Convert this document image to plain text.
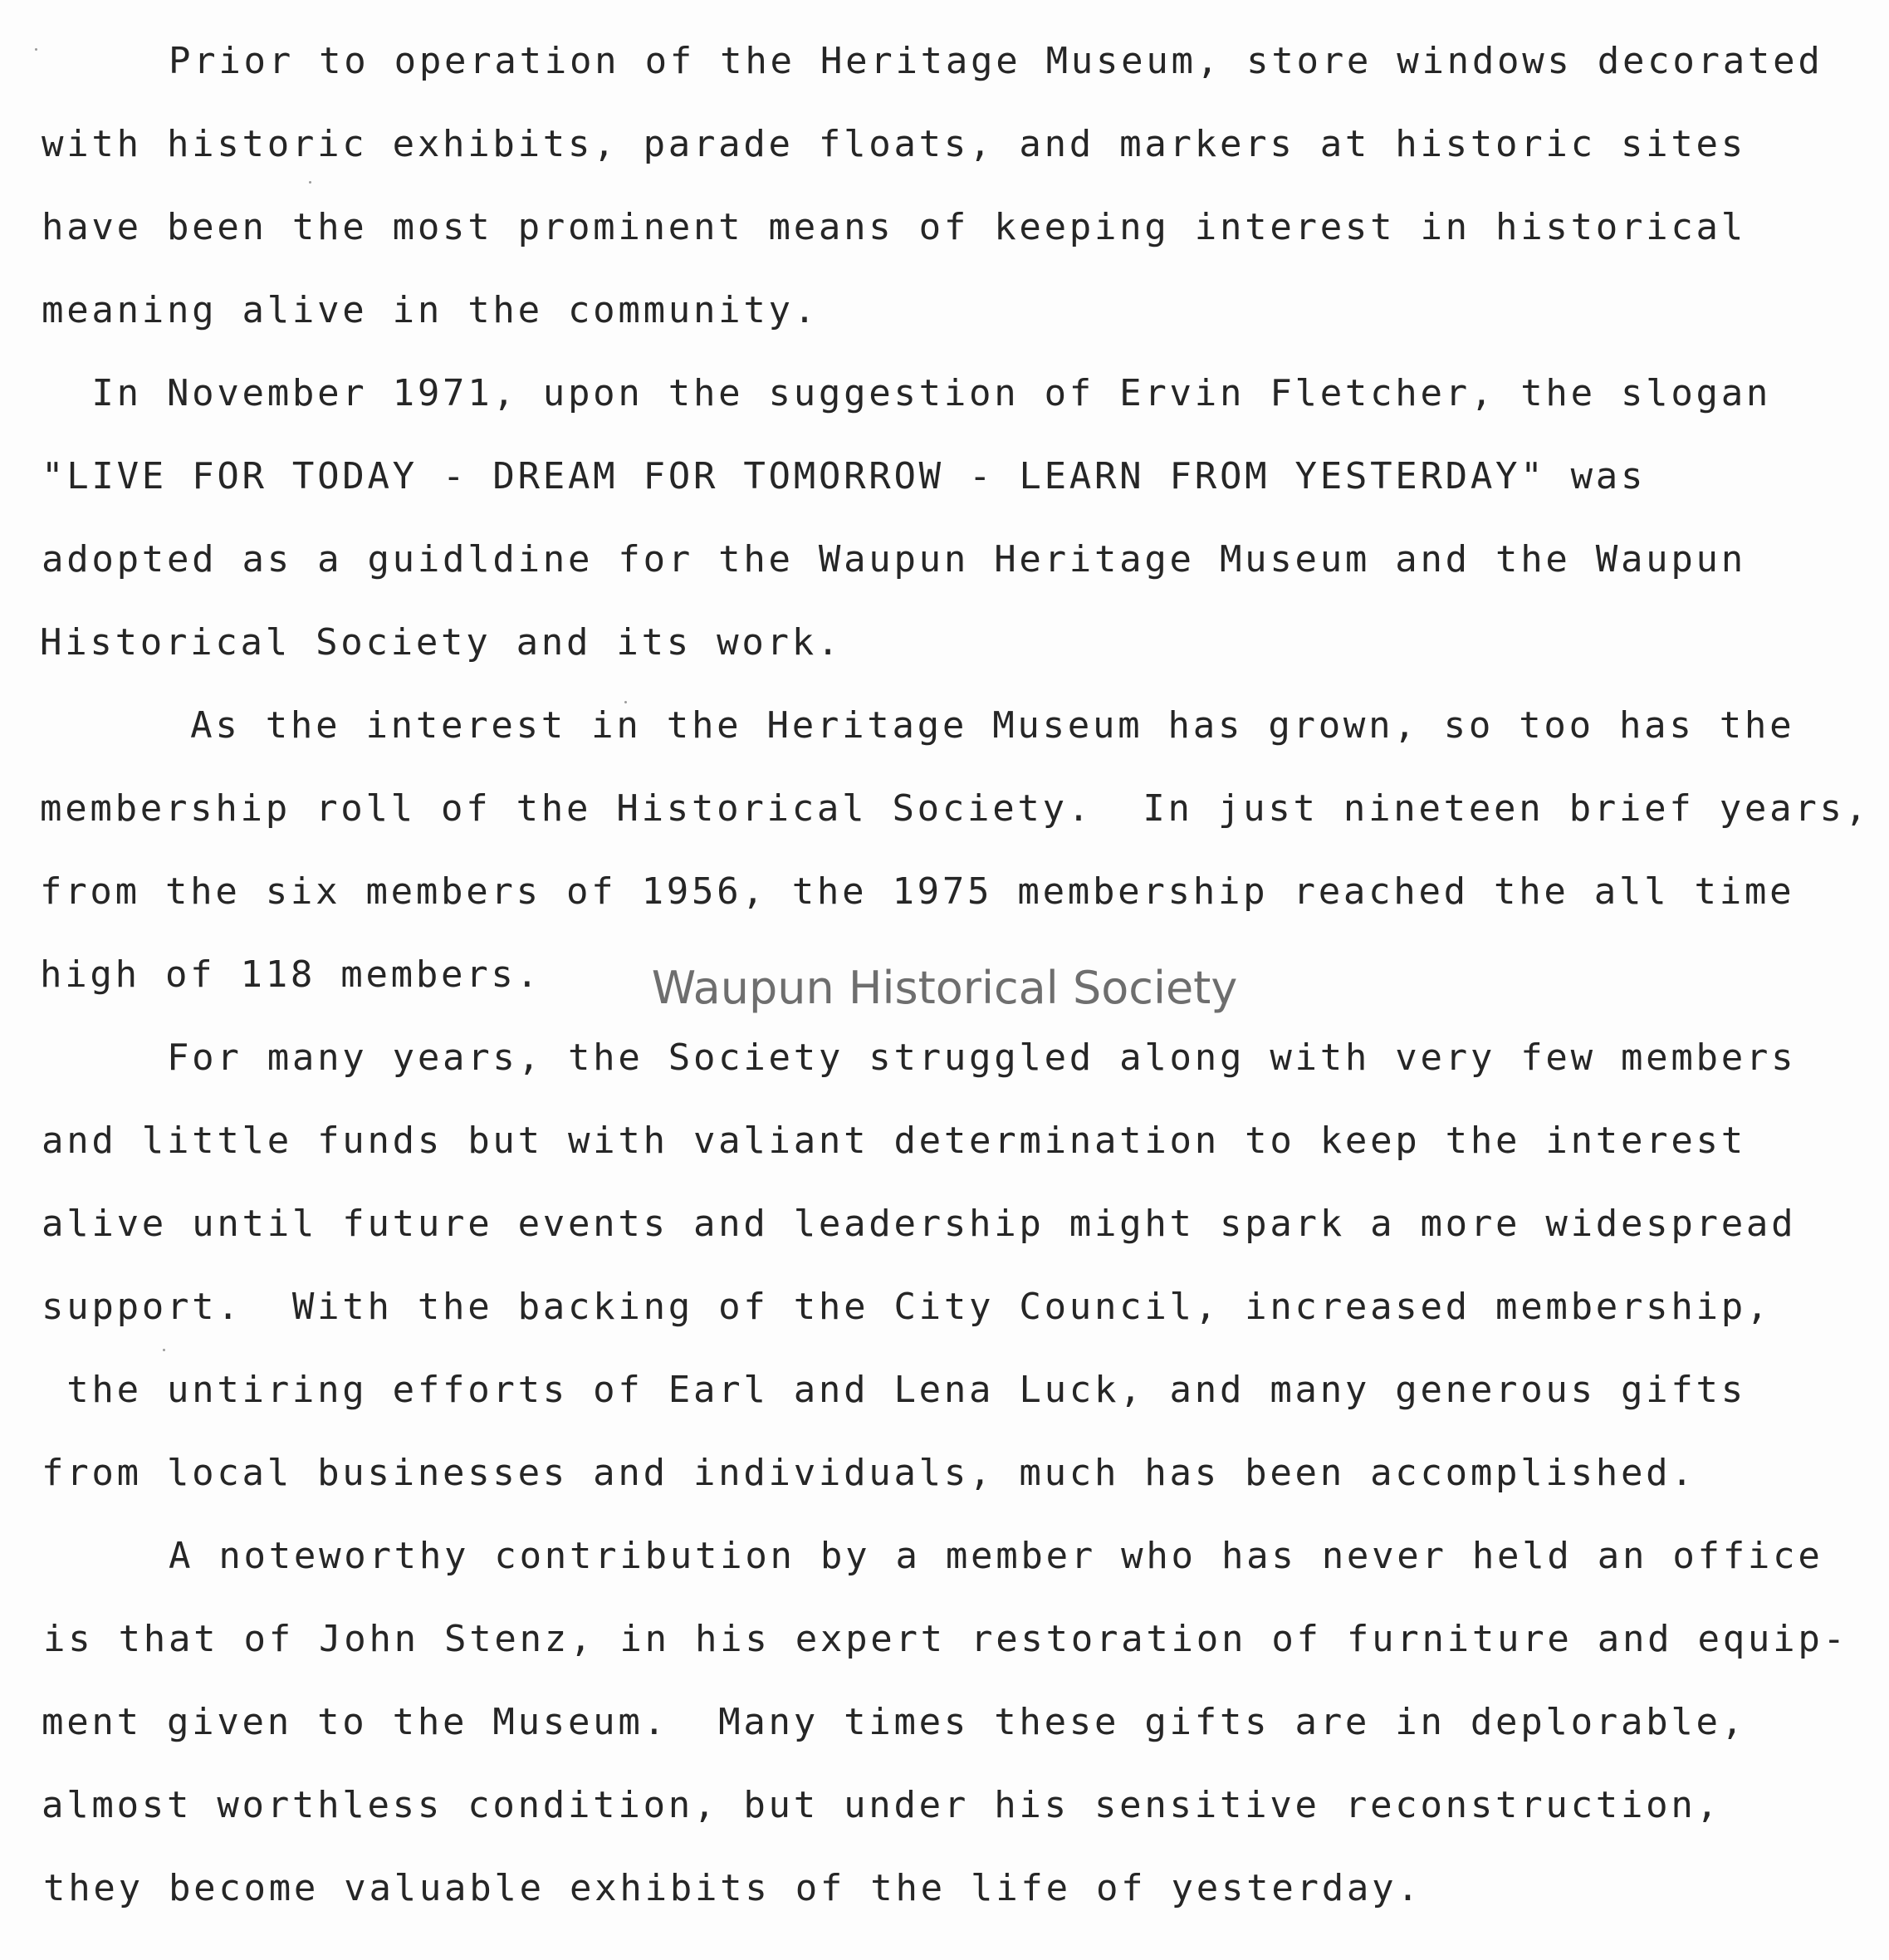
Prior to operation of the Heritage Museum, store windows decorated
with historic exhibits, parade floats, and markers at historic sites
have been the most prominent means of keeping interest in historical
meaning alive in the community.
In November 1971, upon the suggestion of Ervin Fletcher, the slogan
"LIVE FOR TODAY - DREAM FOR TOMORROW - LEARN FROM YESTERDAY" was
adopted as a guidldine for the Waupun Heritage Museum and the Waupun
Historical Society and its work.
As the interest in the Heritage Museum has grown, so too has the
membership roll of the Historical Society.  In just nineteen brief years,
from the six members of 1956, the 1975 membership reached the all time
high of 118 members.
For many years, the Society struggled along with very few members
and little funds but with valiant determination to keep the interest
alive until future events and leadership might spark a more widespread
support.  With the backing of the City Council, increased membership,
the untiring efforts of Earl and Lena Luck, and many generous gifts
from local businesses and individuals, much has been accomplished.
A noteworthy contribution by a member who has never held an office
is that of John Stenz, in his expert restoration of furniture and equip-
ment given to the Museum.  Many times these gifts are in deplorable,
almost worthless condition, but under his sensitive reconstruction,
they become valuable exhibits of the life of yesterday.
Waupun Historical Society
